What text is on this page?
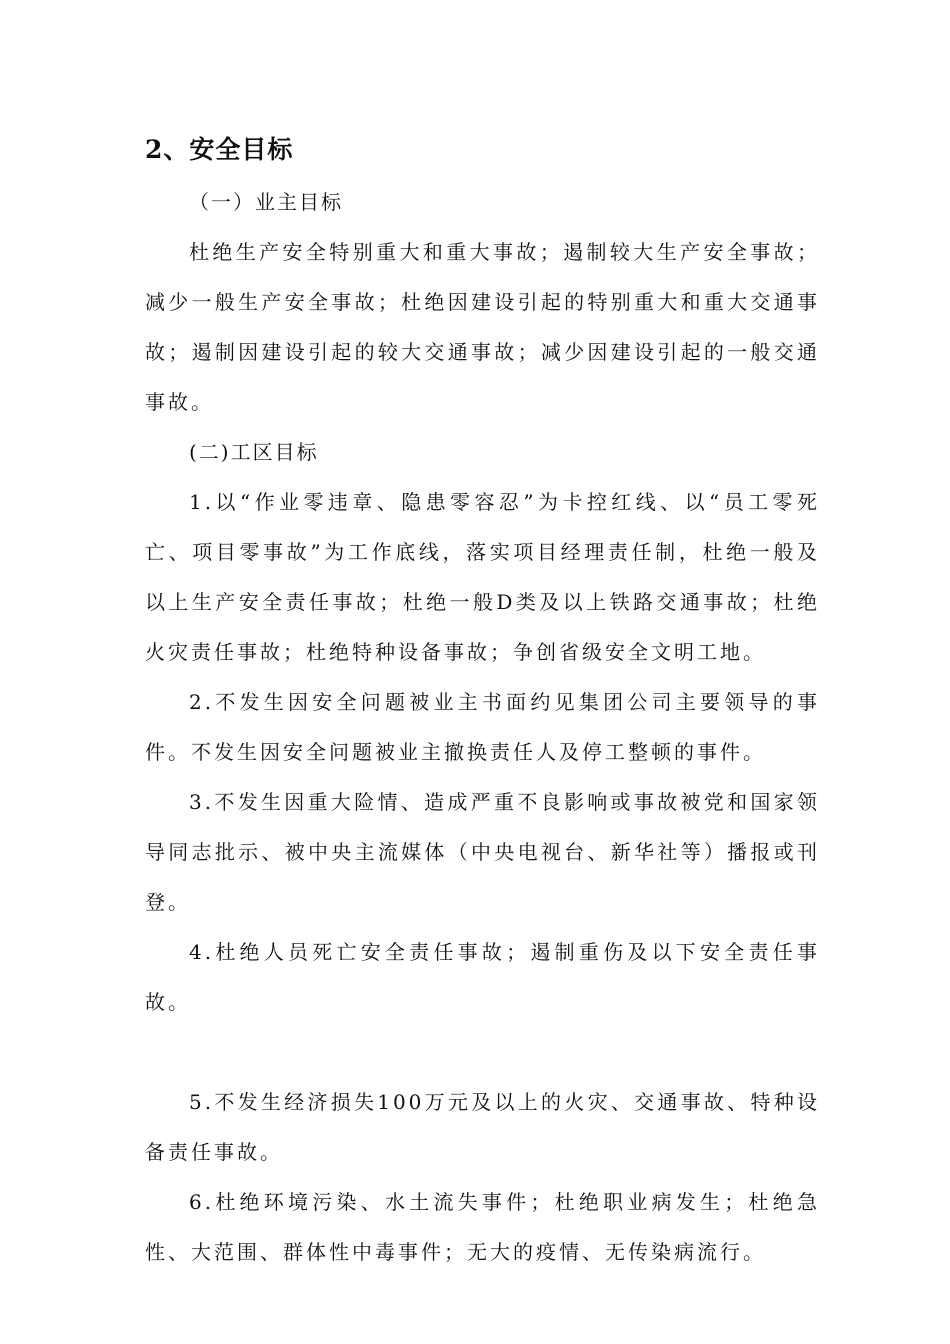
2、安全目标
（一）业主目标

杜绝生产安全特别重大和重大事故；遏制较大生产安全事故；减少一般生产安全事故；杜绝因建设引起的特别重大和重大交通事故；遏制因建设引起的较大交通事故；减少因建设引起的一般交通事故。

(二)工区目标

1.以“作业零违章、隐患零容忍”为卡控红线、以“员工零死亡、项目零事故”为工作底线，落实项目经理责任制，杜绝一般及以上生产安全责任事故；杜绝一般D类及以上铁路交通事故；杜绝火灾责任事故；杜绝特种设备事故；争创省级安全文明工地。

2.不发生因安全问题被业主书面约见集团公司主要领导的事件。不发生因安全问题被业主撤换责任人及停工整顿的事件。

3.不发生因重大险情、造成严重不良影响或事故被党和国家领导同志批示、被中央主流媒体（中央电视台、新华社等）播报或刊登。

4.杜绝人员死亡安全责任事故；遏制重伤及以下安全责任事故。

5.不发生经济损失100万元及以上的火灾、交通事故、特种设备责任事故。

6.杜绝环境污染、水土流失事件；杜绝职业病发生；杜绝急性、大范围、群体性中毒事件；无大的疫情、无传染病流行。
